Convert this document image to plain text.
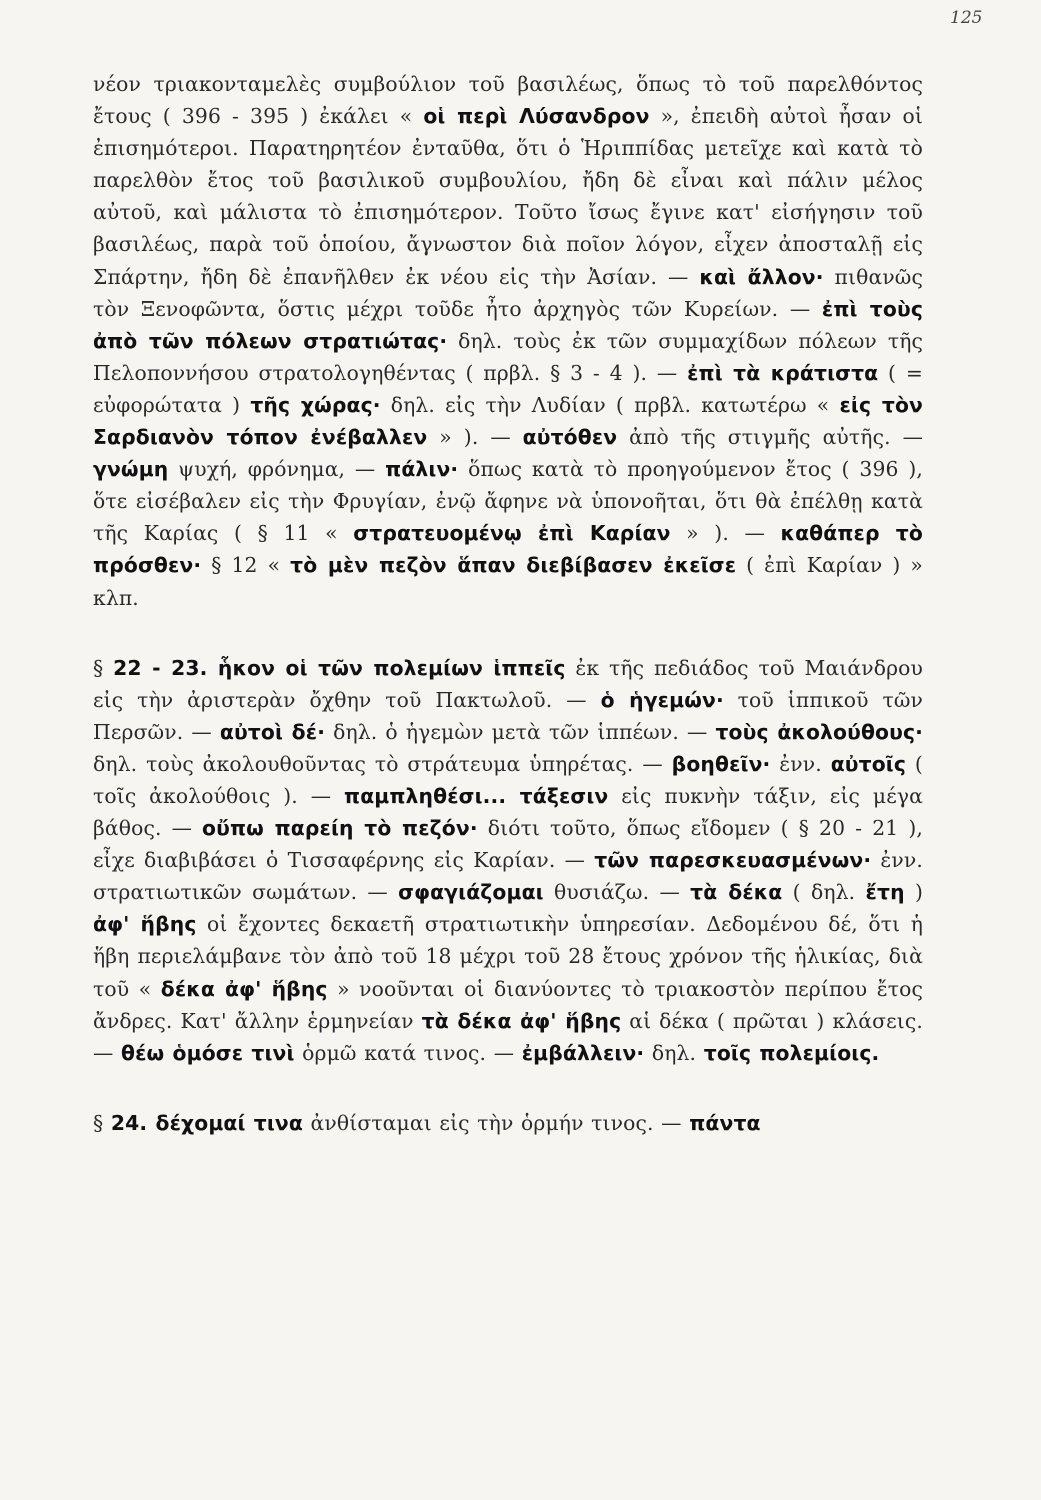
125

νέον τριακονταμελὲς συμβούλιον τοῦ βασιλέως, ὅπως τὸ τοῦ παρελθόντος ἔτους ( 396 - 395 ) ἐκάλει « οἱ περὶ Λύσανδρον », ἐπειδὴ αὐτοὶ ἦσαν οἱ ἐπισημότεροι. Παρατηρητέον ἐνταῦθα, ὅτι ὁ Ἡριππίδας μετεῖχε καὶ κατὰ τὸ παρελθὸν ἔτος τοῦ βασιλικοῦ συμβουλίου, ἤδη δὲ εἶναι καὶ πάλιν μέλος αὐτοῦ, καὶ μάλιστα τὸ ἐπισημότερον. Τοῦτο ἴσως ἔγινε κατ' εἰσήγησιν τοῦ βασιλέως, παρὰ τοῦ ὁποίου, ἄγνωστον διὰ ποῖον λόγον, εἶχεν ἀποσταλῇ εἰς Σπάρτην, ἤδη δὲ ἐπανῆλθεν ἐκ νέου εἰς τὴν Ἀσίαν. — καὶ ἄλλον· πιθανῶς τὸν Ξενοφῶντα, ὅστις μέχρι τοῦδε ἦτο ἀρχηγὸς τῶν Κυρείων. — ἐπὶ τοὺς ἀπὸ τῶν πόλεων στρατιώτας· δηλ. τοὺς ἐκ τῶν συμμαχίδων πόλεων τῆς Πελοποννήσου στρατολογηθέντας ( πρβλ. § 3 - 4 ). — ἐπὶ τὰ κράτιστα ( = εὐφορώτατα ) τῆς χώρας· δηλ. εἰς τὴν Λυδίαν ( πρβλ. κατωτέρω « εἰς τὸν Σαρδιανὸν τόπον ἐνέβαλλεν » ). — αὐτόθεν ἀπὸ τῆς στιγμῆς αὐτῆς. — γνώμη ψυχή, φρόνημα, — πάλιν· ὅπως κατὰ τὸ προηγούμενον ἔτος ( 396 ), ὅτε εἰσέβαλεν εἰς τὴν Φρυγίαν, ἐνῷ ἄφηνε νὰ ὑπονοῆται, ὅτι θὰ ἐπέλθῃ κατὰ τῆς Καρίας ( § 11 « στρατευομένῳ ἐπὶ Καρίαν » ). — καθάπερ τὸ πρόσθεν· § 12 « τὸ μὲν πεζὸν ἅπαν διεβίβασεν ἐκεῖσε ( ἐπὶ Καρίαν ) » κλπ.

§ 22 - 23. ἧκον οἱ τῶν πολεμίων ἱππεῖς ἐκ τῆς πεδιάδος τοῦ Μαιάνδρου εἰς τὴν ἀριστερὰν ὄχθην τοῦ Πακτωλοῦ. — ὁ ἡγεμών· τοῦ ἱππικοῦ τῶν Περσῶν. — αὐτοὶ δέ· δηλ. ὁ ἡγεμὼν μετὰ τῶν ἱππέων. — τοὺς ἀκολούθους· δηλ. τοὺς ἀκολουθοῦντας τὸ στράτευμα ὑπηρέτας. — βοηθεῖν· ἐνν. αὐτοῖς ( τοῖς ἀκολούθοις ). — παμπληθέσι... τάξεσιν εἰς πυκνὴν τάξιν, εἰς μέγα βάθος. — οὔπω παρείη τὸ πεζόν· διότι τοῦτο, ὅπως εἴδομεν ( § 20 - 21 ), εἶχε διαβιβάσει ὁ Τισσαφέρνης εἰς Καρίαν. — τῶν παρεσκευασμένων· ἐνν. στρατιωτικῶν σωμάτων. — σφαγιάζομαι θυσιάζω. — τὰ δέκα ( δηλ. ἔτη ) ἀφ' ἥβης οἱ ἔχοντες δεκαετῆ στρατιωτικὴν ὑπηρεσίαν. Δεδομένου δέ, ὅτι ἡ ἥβη περιελάμβανε τὸν ἀπὸ τοῦ 18 μέχρι τοῦ 28 ἔτους χρόνον τῆς ἡλικίας, διὰ τοῦ « δέκα ἀφ' ἥβης » νοοῦνται οἱ διανύοντες τὸ τριακοστὸν περίπου ἔτος ἄνδρες. Κατ' ἄλλην ἑρμηνείαν τὰ δέκα ἀφ' ἥβης αἱ δέκα ( πρῶται ) κλάσεις. — θέω ὁμόσε τινὶ ὁρμῶ κατά τινος. — ἐμβάλλειν· δηλ. τοῖς πολεμίοις.

§ 24. δέχομαί τινα ἀνθίσταμαι εἰς τὴν ὁρμήν τινος. — πάντα
